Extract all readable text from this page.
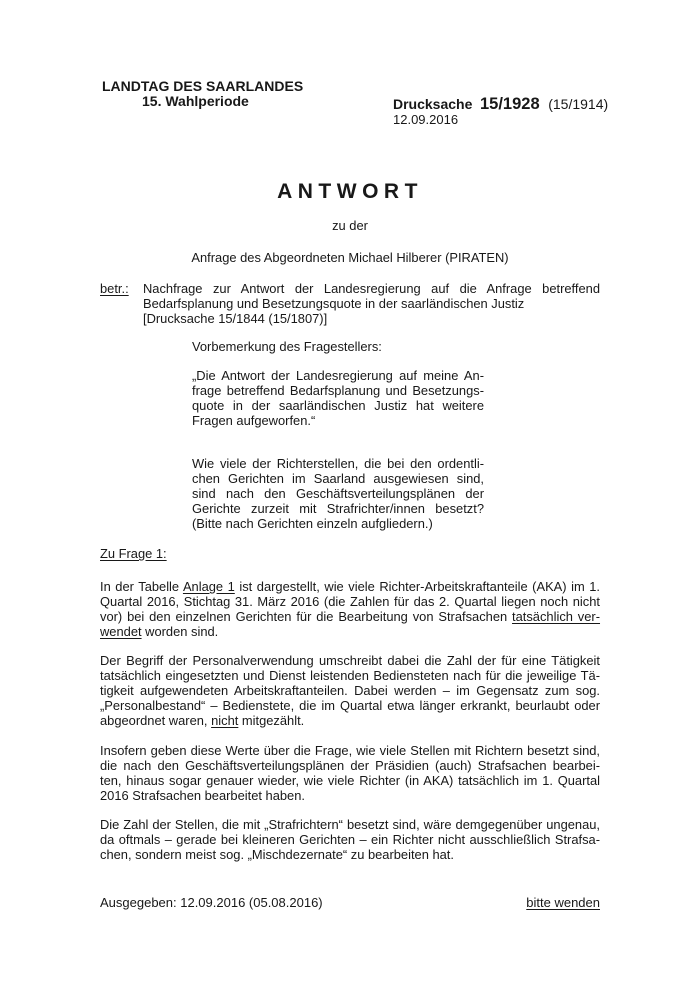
LANDTAG DES SAARLANDES
15. Wahlperiode	Drucksache 15/1928 (15/1914)
12.09.2016
ANTWORT
zu der
Anfrage des Abgeordneten Michael Hilberer (PIRATEN)
betr.: Nachfrage zur Antwort der Landesregierung auf die Anfrage betreffend
Bedarfsplanung und Besetzungsquote in der saarländischen Justiz
[Drucksache 15/1844 (15/1807)]
Vorbemerkung des Fragestellers:
„Die Antwort der Landesregierung auf meine An-
frage betreffend Bedarfsplanung und Besetzungs-
quote in der saarländischen Justiz hat weitere
Fragen aufgeworfen.“
Wie viele der Richterstellen, die bei den ordentli-
chen Gerichten im Saarland ausgewiesen sind,
sind nach den Geschäftsverteilungsplänen der
Gerichte zurzeit mit Strafrichter/innen besetzt?
(Bitte nach Gerichten einzeln aufgliedern.)
Zu Frage 1:
In der Tabelle Anlage 1 ist dargestellt, wie viele Richter-Arbeitskraftanteile (AKA) im 1.
Quartal 2016, Stichtag 31. März 2016 (die Zahlen für das 2. Quartal liegen noch nicht
vor) bei den einzelnen Gerichten für die Bearbeitung von Strafsachen tatsächlich ver-
wendet worden sind.
Der Begriff der Personalverwendung umschreibt dabei die Zahl der für eine Tätigkeit
tatsächlich eingesetzten und Dienst leistenden Bediensteten nach für die jeweilige Tä-
tigkeit aufgewendeten Arbeitskraftanteilen. Dabei werden – im Gegensatz zum sog.
„Personalbestand“ – Bedienstete, die im Quartal etwa länger erkrankt, beurlaubt oder
abgeordnet waren, nicht mitgezählt.
Insofern geben diese Werte über die Frage, wie viele Stellen mit Richtern besetzt sind,
die nach den Geschäftsverteilungsplänen der Präsidien (auch) Strafsachen bearbei-
ten, hinaus sogar genauer wieder, wie viele Richter (in AKA) tatsächlich im 1. Quartal
2016 Strafsachen bearbeitet haben.
Die Zahl der Stellen, die mit „Strafrichtern“ besetzt sind, wäre demgegenüber ungenau,
da oftmals – gerade bei kleineren Gerichten – ein Richter nicht ausschließlich Strafsa-
chen, sondern meist sog. „Mischdezernate“ zu bearbeiten hat.
Ausgegeben: 12.09.2016 (05.08.2016)	bitte wenden
